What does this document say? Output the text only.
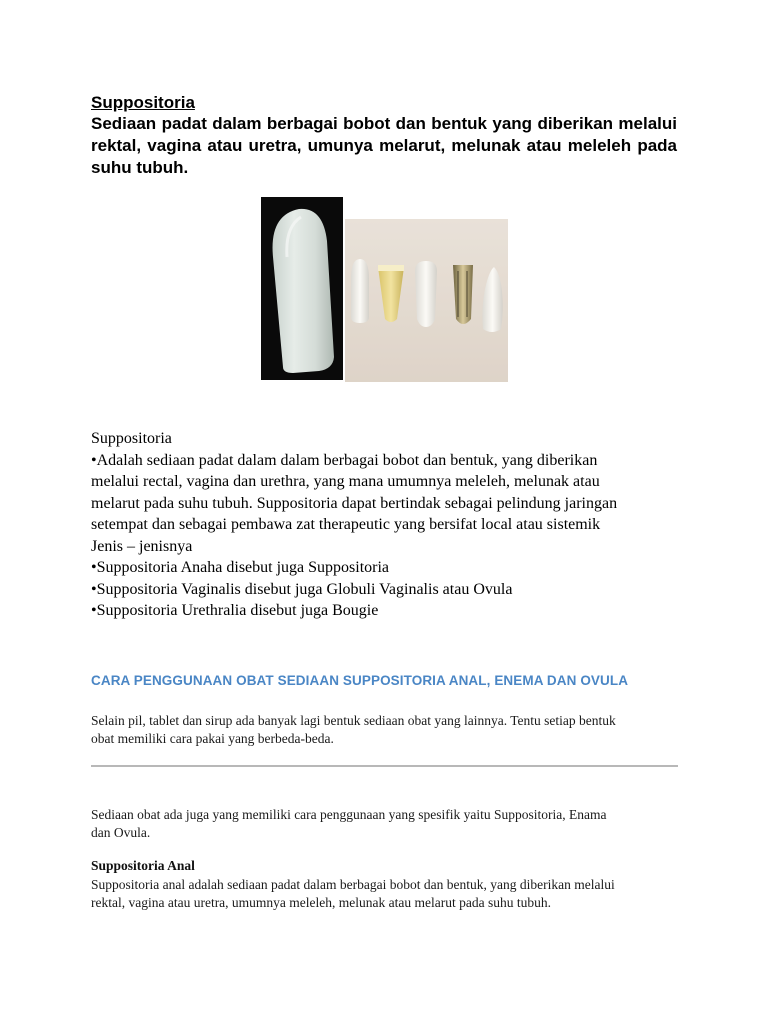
Suppositoria

Sediaan padat dalam berbagai bobot dan bentuk yang diberikan melalui rektal, vagina atau uretra, umunya melarut, melunak atau meleleh pada suhu tubuh.

Suppositoria
•Adalah sediaan padat dalam dalam berbagai bobot dan bentuk, yang diberikan
melalui rectal, vagina dan urethra, yang mana umumnya meleleh, melunak atau
melarut pada suhu tubuh. Suppositoria dapat bertindak sebagai pelindung jaringan
setempat dan sebagai pembawa zat therapeutic yang bersifat local atau sistemik
Jenis – jenisnya
•Suppositoria Anaha disebut juga Suppositoria
•Suppositoria Vaginalis disebut juga Globuli Vaginalis atau Ovula
•Suppositoria Urethralia disebut juga Bougie
CARA PENGGUNAAN OBAT SEDIAAN SUPPOSITORIA ANAL, ENEMA DAN OVULA
Selain pil, tablet dan sirup ada banyak lagi bentuk sediaan obat yang lainnya. Tentu setiap bentuk
obat memiliki cara pakai yang berbeda-beda.
Sediaan obat ada juga yang memiliki cara penggunaan yang spesifik yaitu Suppositoria, Enama
dan Ovula.
Suppositoria Anal
Suppositoria anal adalah sediaan padat dalam berbagai bobot dan bentuk, yang diberikan melalui
rektal, vagina atau uretra, umumnya meleleh, melunak atau melarut pada suhu tubuh.
